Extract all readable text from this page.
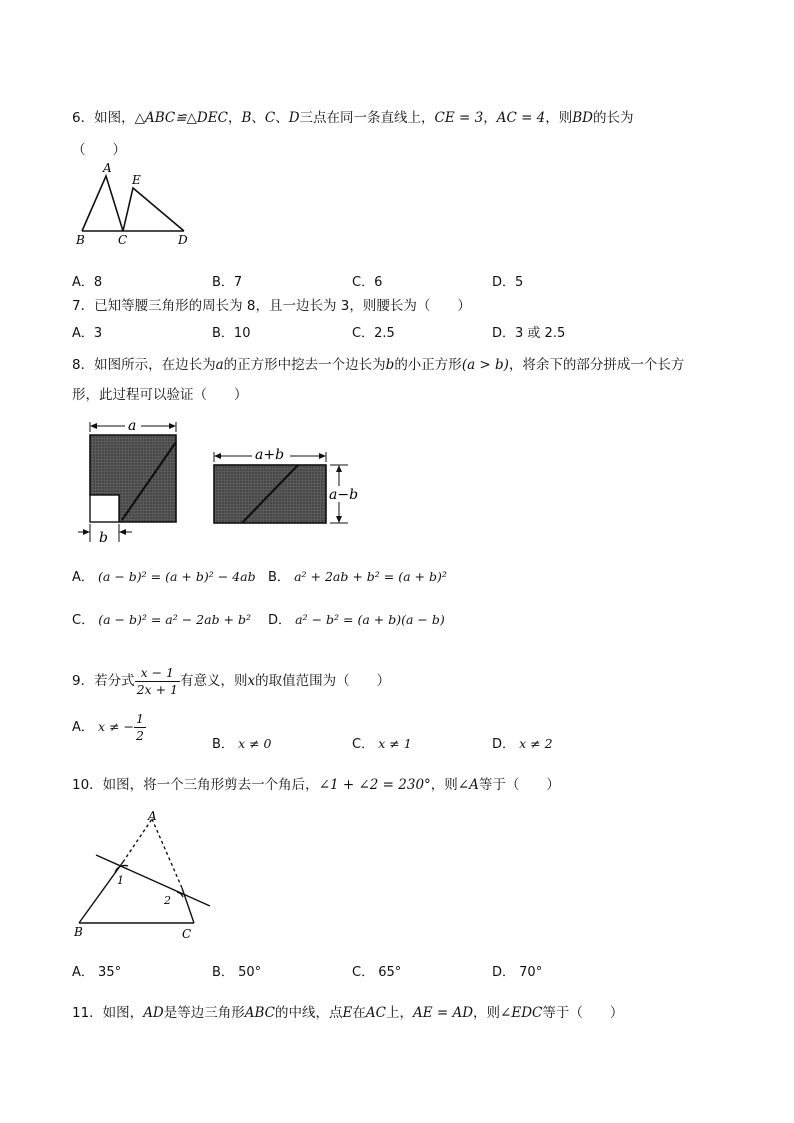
6．如图，△ABC≌△DEC，B、C、D三点在同一条直线上，CE = 3，AC = 4，则BD的长为
（　　）
A
B	C	D
E
A．8	B．7	C．6	D．5
7．已知等腰三角形的周长为 8，且一边长为 3，则腰长为（　　）
A．3	B．10	C．2.5	D．3 或 2.5
8．如图所示，在边长为a的正方形中挖去一个边长为b的小正方形(a > b)，将余下的部分拼成一个长方
形，此过程可以验证（　　）
a
b
a+b
a−b
A． (a − b)² = (a + b)² − 4ab B． a² + 2ab + b² = (a + b)²
C． (a − b)² = a² − 2ab + b² D． a² − b² = (a + b)(a − b)
9．若分式 $\frac{x - 1}{2x + 1}$ 有意义，则x的取值范围为（　　）
A． x ≠ − $\frac{1}{2}$
B． x ≠ 0	C． x ≠ 1	D． x ≠ 2
10．如图，将一个三角形剪去一个角后，∠1 + ∠2 = 230°，则∠A等于（　　）
A
B	C
1
2
A． 35°	B． 50°	C． 65°	D． 70°
11．如图，AD是等边三角形ABC的中线，点E在AC上，AE = AD，则∠EDC等于（　　）
